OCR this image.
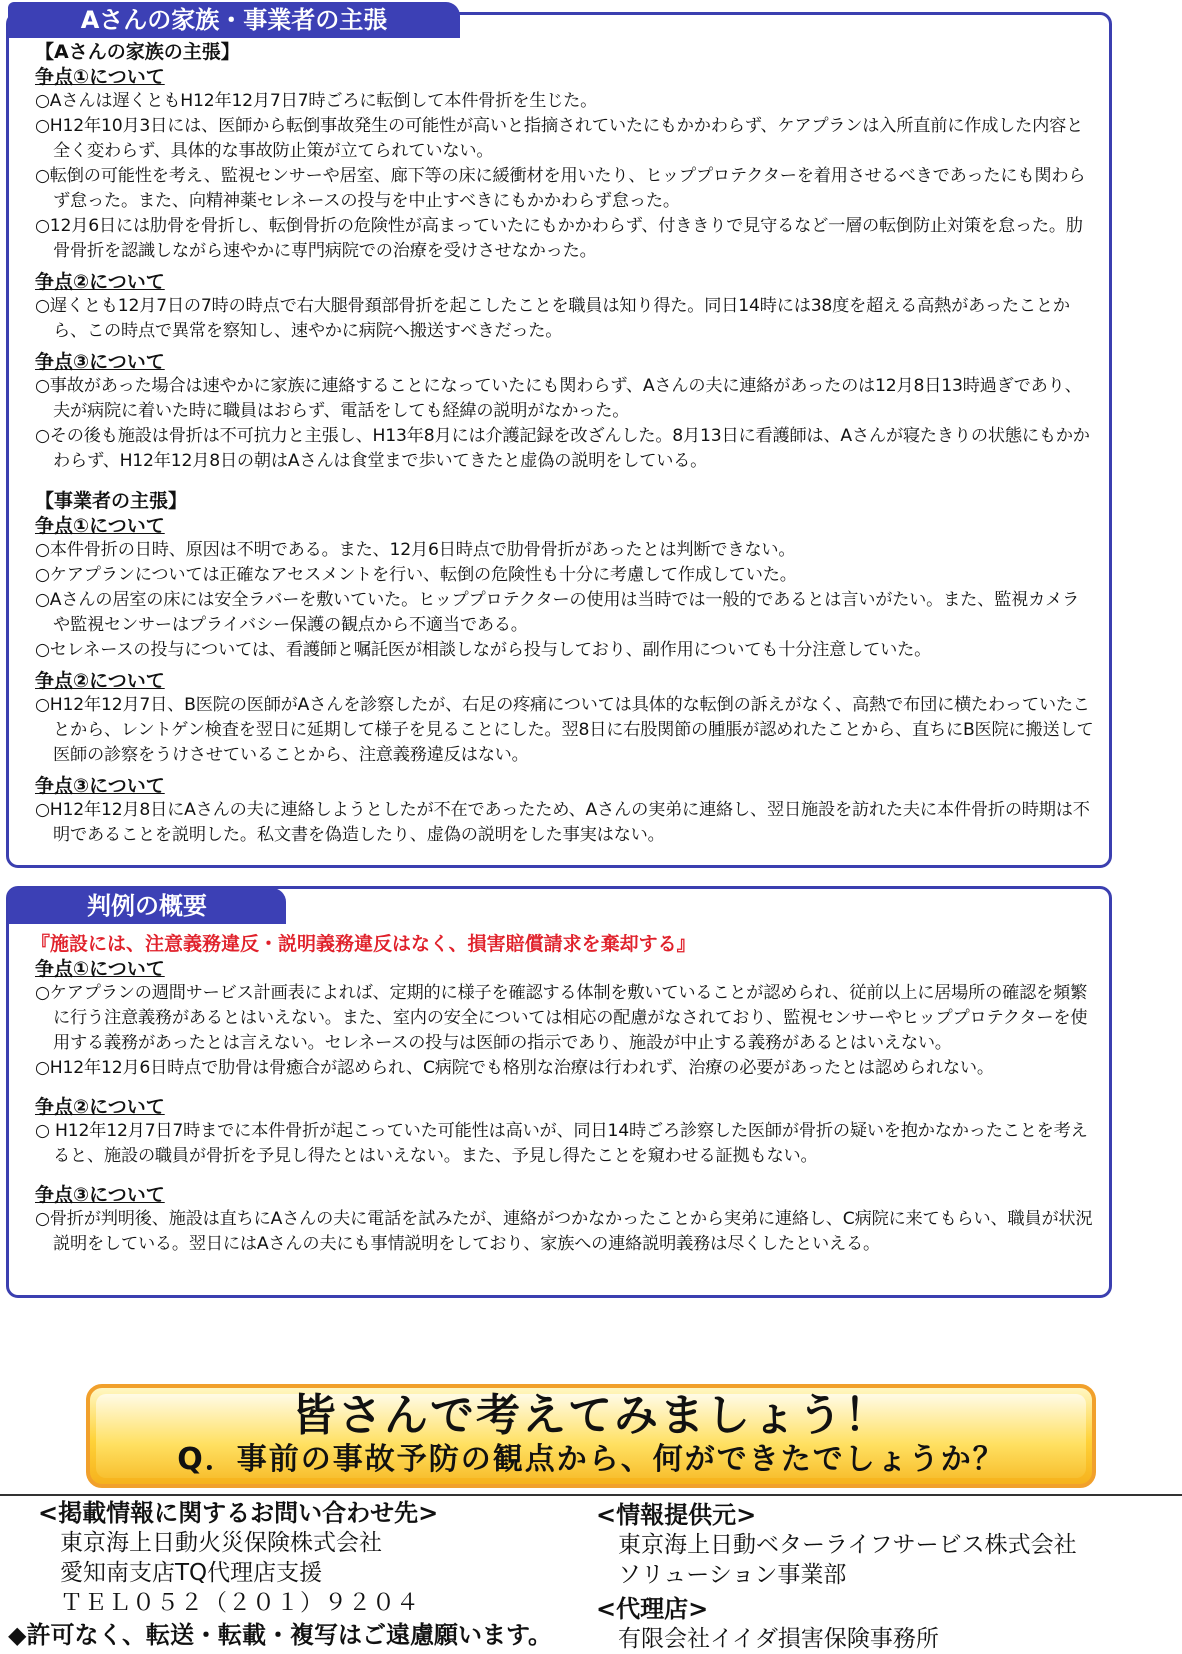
【Aさんの家族の主張】
争点①について

○Aさんは遅くともH12年12月7日7時ごろに転倒して本件骨折を生じた。

○H12年10月3日には、医師から転倒事故発生の可能性が高いと指摘されていたにもかかわらず、ケアプランは入所直前に作成した内容と全く変わらず、具体的な事故防止策が立てられていない。

○転倒の可能性を考え、監視センサーや居室、廊下等の床に緩衝材を用いたり、ヒッププロテクターを着用させるべきであったにも関わらず怠った。また、向精神薬セレネースの投与を中止すべきにもかかわらず怠った。

○12月6日には肋骨を骨折し、転倒骨折の危険性が高まっていたにもかかわらず、付ききりで見守るなど一層の転倒防止対策を怠った。肋骨骨折を認識しながら速やかに専門病院での治療を受けさせなかった。

争点②について

○遅くとも12月7日の7時の時点で右大腿骨頚部骨折を起こしたことを職員は知り得た。同日14時には38度を超える高熱があったことから、この時点で異常を察知し、速やかに病院へ搬送すべきだった。

争点③について

○事故があった場合は速やかに家族に連絡することになっていたにも関わらず、Aさんの夫に連絡があったのは12月8日13時過ぎであり、夫が病院に着いた時に職員はおらず、電話をしても経緯の説明がなかった。

○その後も施設は骨折は不可抗力と主張し、H13年8月には介護記録を改ざんした。8月13日に看護師は、Aさんが寝たきりの状態にもかかわらず、H12年12月8日の朝はAさんは食堂まで歩いてきたと虚偽の説明をしている。

【事業者の主張】
争点①について

○本件骨折の日時、原因は不明である。また、12月6日時点で肋骨骨折があったとは判断できない。

○ケアプランについては正確なアセスメントを行い、転倒の危険性も十分に考慮して作成していた。

○Aさんの居室の床には安全ラバーを敷いていた。ヒッププロテクターの使用は当時では一般的であるとは言いがたい。また、監視カメラや監視センサーはプライバシー保護の観点から不適当である。

○セレネースの投与については、看護師と嘱託医が相談しながら投与しており、副作用についても十分注意していた。

争点②について

○H12年12月7日、B医院の医師がAさんを診察したが、右足の疼痛については具体的な転倒の訴えがなく、高熱で布団に横たわっていたことから、レントゲン検査を翌日に延期して様子を見ることにした。翌8日に右股関節の腫脹が認めれたことから、直ちにB医院に搬送して医師の診察をうけさせていることから、注意義務違反はない。

争点③について

○H12年12月8日にAさんの夫に連絡しようとしたが不在であったため、Aさんの実弟に連絡し、翌日施設を訪れた夫に本件骨折の時期は不明であることを説明した。私文書を偽造したり、虚偽の説明をした事実はない。

Aさんの家族・事業者の主張
『施設には、注意義務違反・説明義務違反はなく、損害賠償請求を棄却する』
争点①について

○ケアプランの週間サービス計画表によれば、定期的に様子を確認する体制を敷いていることが認められ、従前以上に居場所の確認を頻繁に行う注意義務があるとはいえない。また、室内の安全については相応の配慮がなされており、監視センサーやヒッププロテクターを使用する義務があったとは言えない。セレネースの投与は医師の指示であり、施設が中止する義務があるとはいえない。

○H12年12月6日時点で肋骨は骨癒合が認められ、C病院でも格別な治療は行われず、治療の必要があったとは認められない。

争点②について

○ H12年12月7日7時までに本件骨折が起こっていた可能性は高いが、同日14時ごろ診察した医師が骨折の疑いを抱かなかったことを考えると、施設の職員が骨折を予見し得たとはいえない。また、予見し得たことを窺わせる証拠もない。

争点③について

○骨折が判明後、施設は直ちにAさんの夫に電話を試みたが、連絡がつかなかったことから実弟に連絡し、C病院に来てもらい、職員が状況説明をしている。翌日にはAさんの夫にも事情説明をしており、家族への連絡説明義務は尽くしたといえる。

判例の概要
皆さんで考えてみましょう！
Q．事前の事故予防の観点から、何ができたでしょうか？
<掲載情報に関するお問い合わせ先>
東京海上日動火災保険株式会社
愛知南支店TQ代理店支援
ＴＥＬ０５２（２０１）９２０４
◆許可なく、転送・転載・複写はご遠慮願います。
<情報提供元>
東京海上日動ベターライフサービス株式会社
ソリューション事業部
<代理店>
有限会社イイダ損害保険事務所
